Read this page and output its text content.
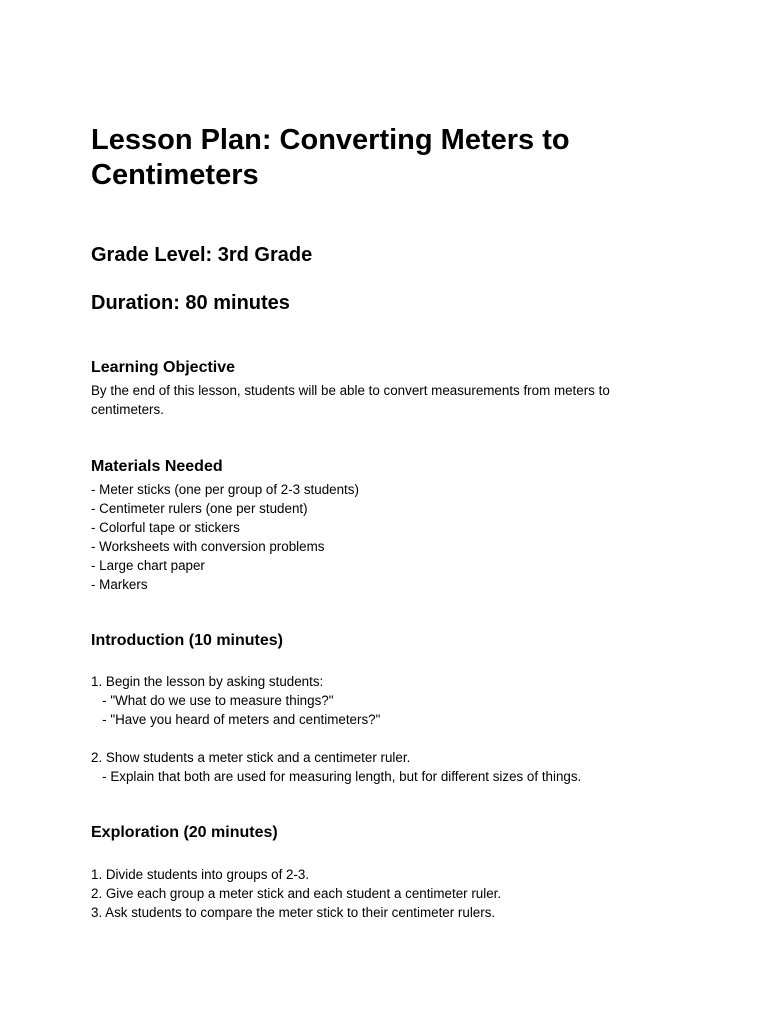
Lesson Plan: Converting Meters to Centimeters
Grade Level: 3rd Grade
Duration: 80 minutes
Learning Objective

By the end of this lesson, students will be able to convert measurements from meters to centimeters.

Materials Needed
- Meter sticks (one per group of 2-3 students)
- Centimeter rulers (one per student)
- Colorful tape or stickers
- Worksheets with conversion problems
- Large chart paper
- Markers
Introduction (10 minutes)
1. Begin the lesson by asking students:
- "What do we use to measure things?"
- "Have you heard of meters and centimeters?"
2. Show students a meter stick and a centimeter ruler.
- Explain that both are used for measuring length, but for different sizes of things.
Exploration (20 minutes)
1. Divide students into groups of 2-3.
2. Give each group a meter stick and each student a centimeter ruler.
3. Ask students to compare the meter stick to their centimeter rulers.
